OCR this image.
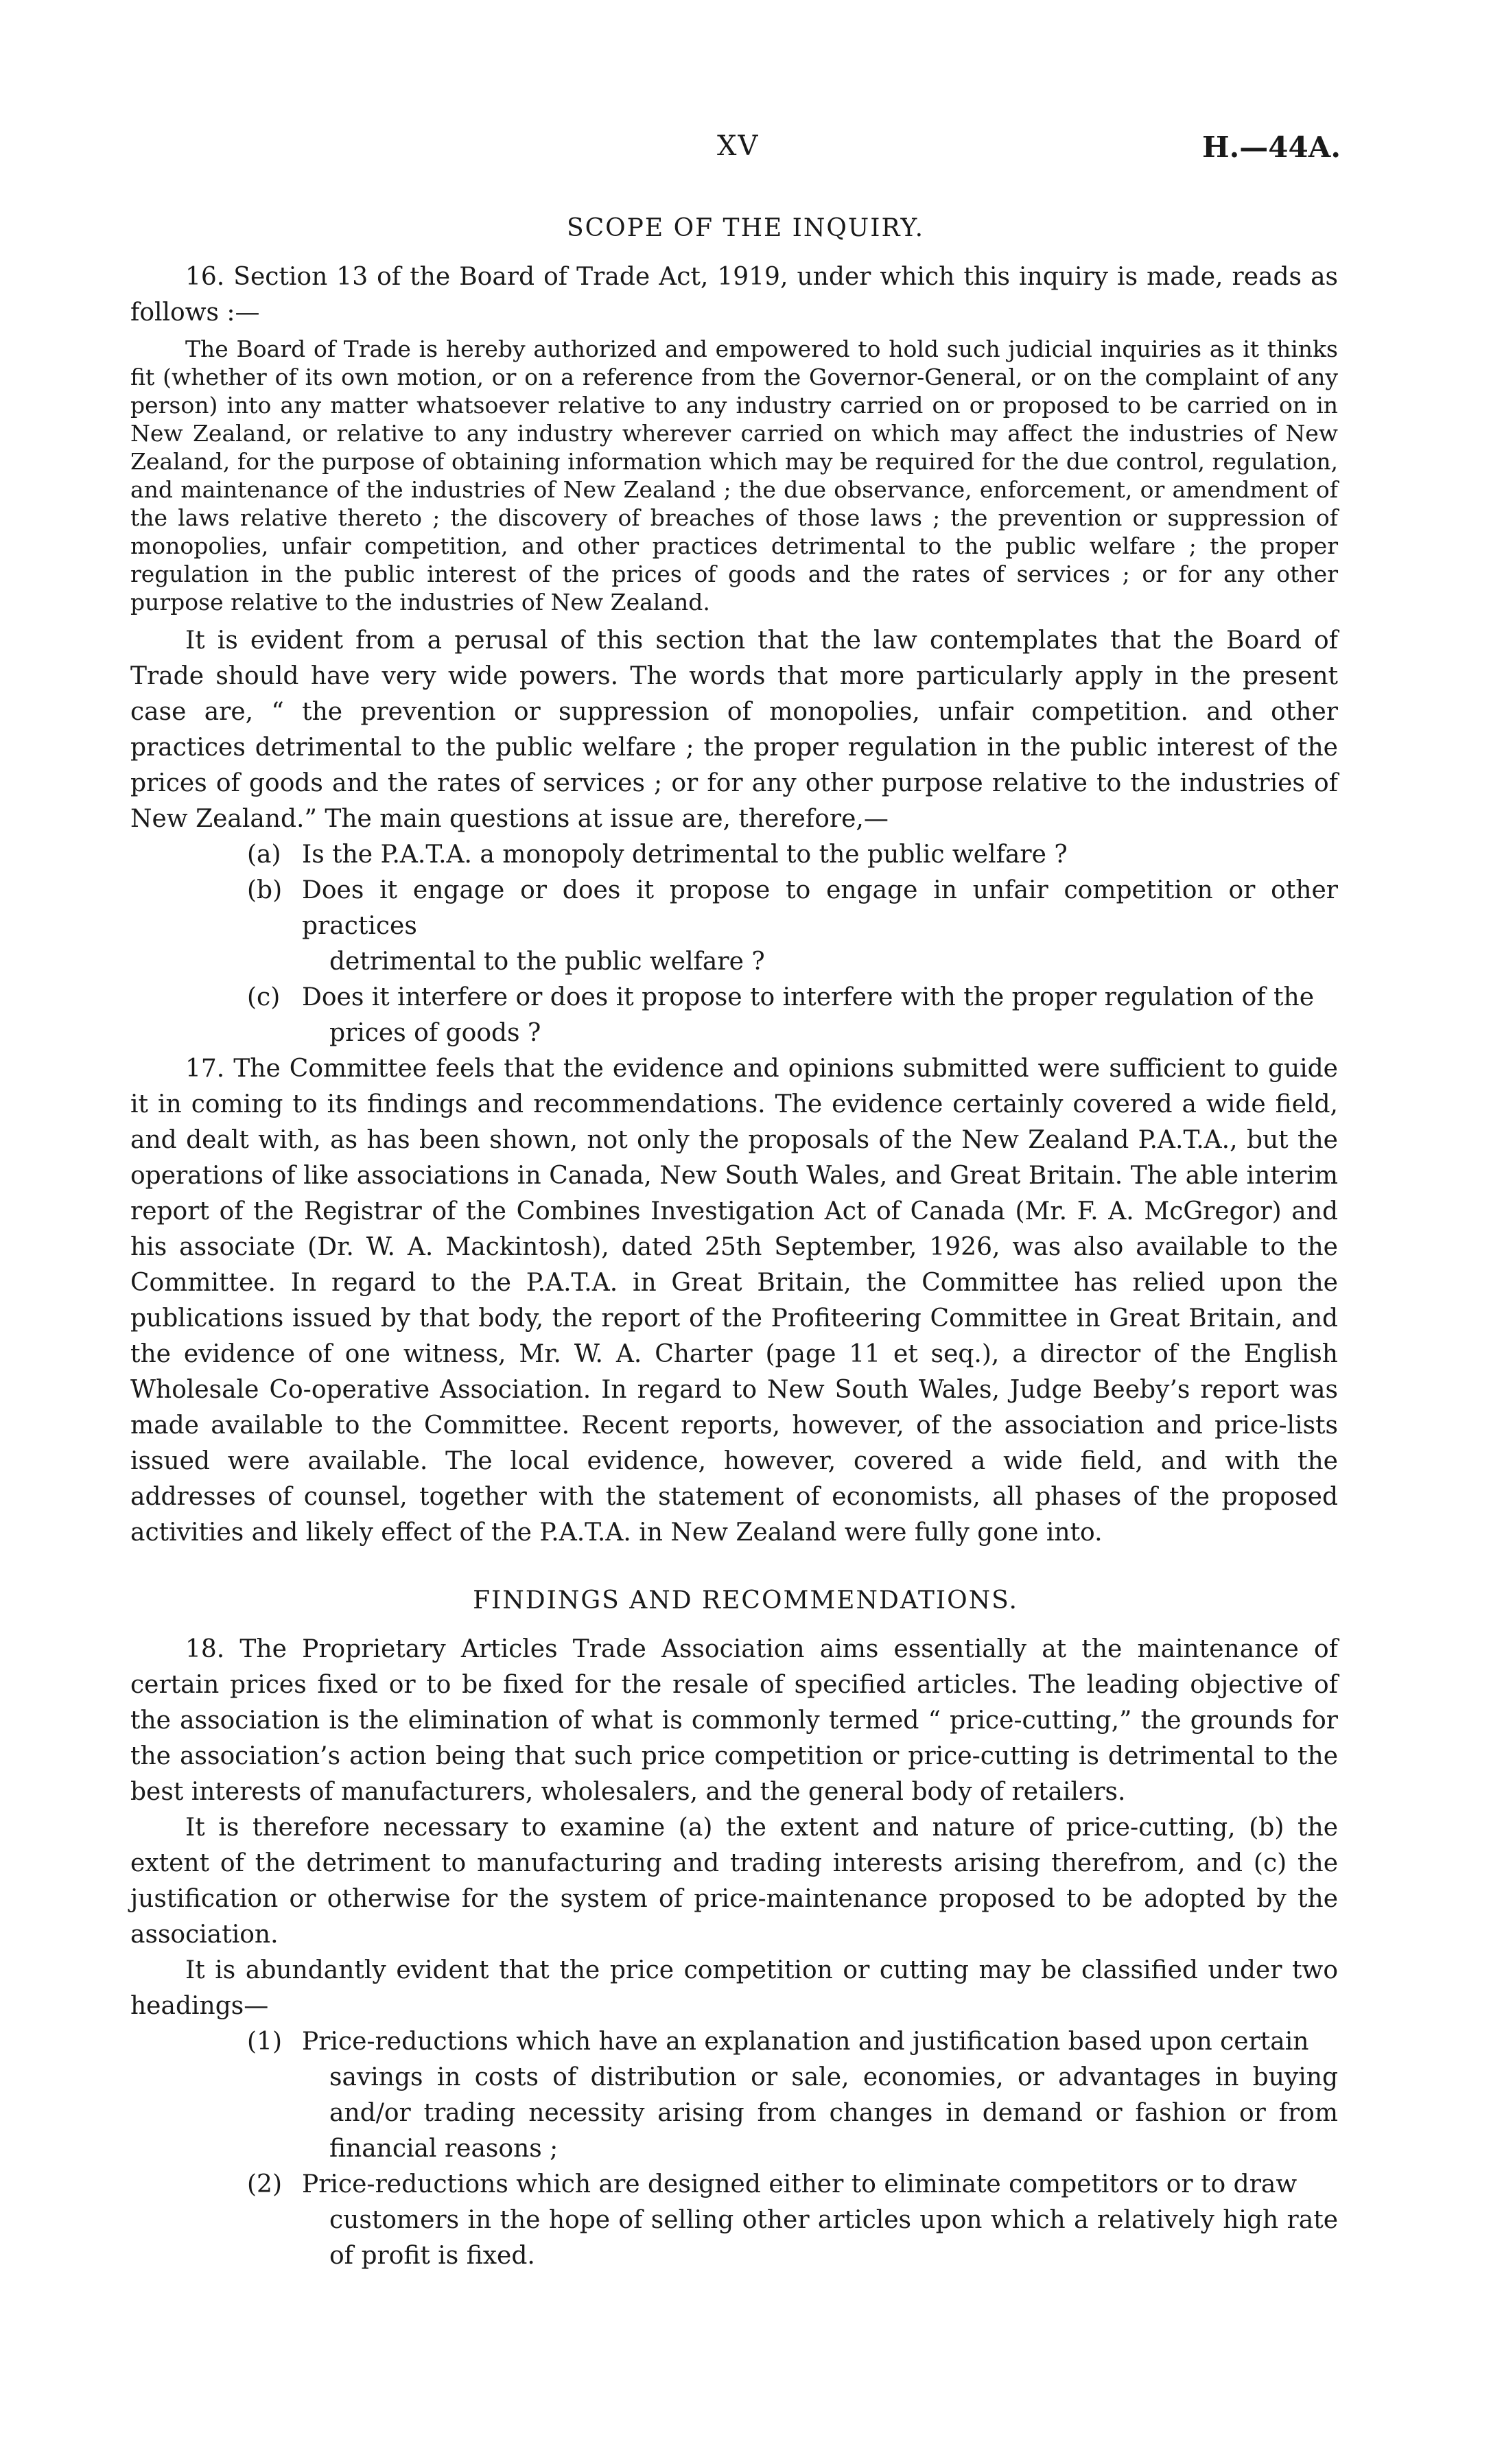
XV	H.—44A.
SCOPE OF THE INQUIRY.

16. Section 13 of the Board of Trade Act, 1919, under which this inquiry is made, reads as follows :—

The Board of Trade is hereby authorized and empowered to hold such judicial inquiries as it thinks fit (whether of its own motion, or on a reference from the Governor-General, or on the complaint of any person) into any matter whatsoever relative to any industry carried on or proposed to be carried on in New Zealand, or relative to any industry wherever carried on which may affect the industries of New Zealand, for the purpose of obtaining information which may be required for the due control, regulation, and maintenance of the industries of New Zealand ; the due observance, enforcement, or amendment of the laws relative thereto ; the discovery of breaches of those laws ; the prevention or suppression of monopolies, unfair competition, and other practices detrimental to the public welfare ; the proper regulation in the public interest of the prices of goods and the rates of services ; or for any other purpose relative to the industries of New Zealand.

It is evident from a perusal of this section that the law contemplates that the Board of Trade should have very wide powers. The words that more particularly apply in the present case are, “ the prevention or suppression of monopolies, unfair competition. and other practices detrimental to the public welfare ; the proper regulation in the public interest of the prices of goods and the rates of services ; or for any other purpose relative to the industries of New Zealand.” The main questions at issue are, therefore,—

(a) Is the P.A.T.A. a monopoly detrimental to the public welfare ?
(b) Does it engage or does it propose to engage in unfair competition or other practices
detrimental to the public welfare ?
(c) Does it interfere or does it propose to interfere with the proper regulation of the
prices of goods ?

17. The Committee feels that the evidence and opinions submitted were sufficient to guide it in coming to its findings and recommendations. The evidence certainly covered a wide field, and dealt with, as has been shown, not only the proposals of the New Zealand P.A.T.A., but the operations of like associations in Canada, New South Wales, and Great Britain. The able interim report of the Registrar of the Combines Investigation Act of Canada (Mr. F. A. McGregor) and his associate (Dr. W. A. Mackintosh), dated 25th September, 1926, was also available to the Committee. In regard to the P.A.T.A. in Great Britain, the Committee has relied upon the publications issued by that body, the report of the Profiteering Committee in Great Britain, and the evidence of one witness, Mr. W. A. Charter (page 11 et seq.), a director of the English Wholesale Co-operative Association. In regard to New South Wales, Judge Beeby’s report was made available to the Committee. Recent reports, however, of the association and price-lists issued were available. The local evidence, however, covered a wide field, and with the addresses of counsel, together with the statement of economists, all phases of the proposed activities and likely effect of the P.A.T.A. in New Zealand were fully gone into.

FINDINGS AND RECOMMENDATIONS.

18. The Proprietary Articles Trade Association aims essentially at the maintenance of certain prices fixed or to be fixed for the resale of specified articles. The leading objective of the association is the elimination of what is commonly termed “ price-cutting,” the grounds for the association’s action being that such price competition or price-cutting is detrimental to the best interests of manufacturers, wholesalers, and the general body of retailers.

It is therefore necessary to examine (a) the extent and nature of price-cutting, (b) the extent of the detriment to manufacturing and trading interests arising therefrom, and (c) the justification or otherwise for the system of price-maintenance proposed to be adopted by the association.

It is abundantly evident that the price competition or cutting may be classified under two headings—

(1) Price-reductions which have an explanation and justification based upon certain
savings in costs of distribution or sale, economies, or advantages in buying and/or trading necessity arising from changes in demand or fashion or from financial reasons ;
(2) Price-reductions which are designed either to eliminate competitors or to draw
customers in the hope of selling other articles upon which a relatively high rate of profit is fixed.
